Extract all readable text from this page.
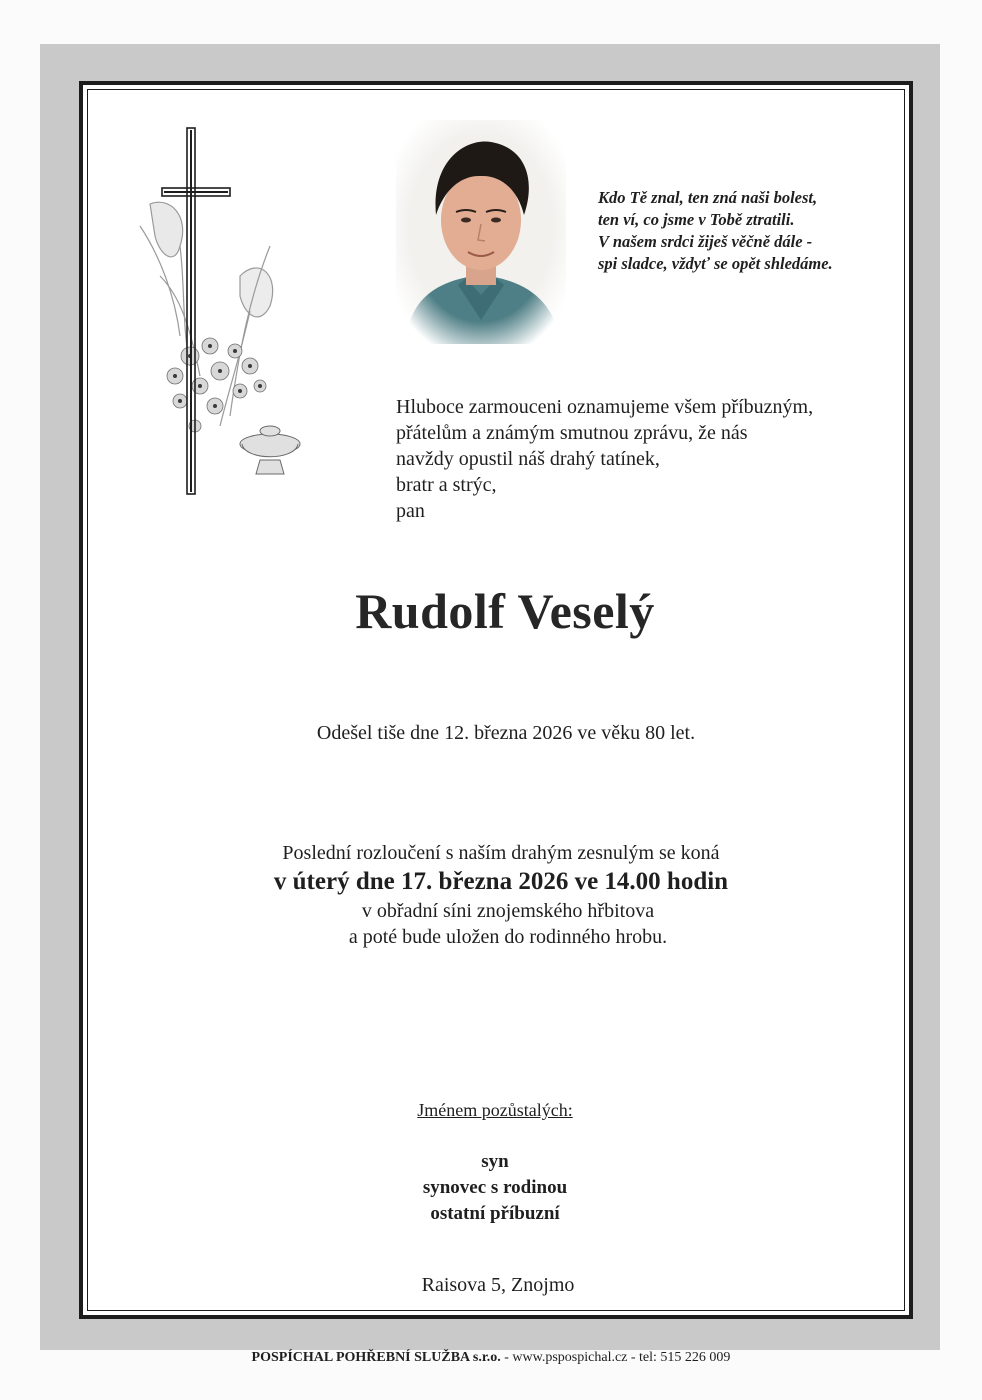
Kdo Tě znal, ten zná naši bolest,
ten ví, co jsme v Tobě ztratili.
V našem srdci žiješ věčně dále -
spi sladce, vždyť se opět shledáme.
Hluboce zarmouceni oznamujeme všem příbuzným,
přátelům a známým smutnou zprávu, že nás
navždy opustil náš drahý tatínek,
bratr a strýc,
pan
Rudolf Veselý
Odešel tiše dne 12. března 2026 ve věku 80 let.
Poslední rozloučení s naším drahým zesnulým se koná
v úterý dne 17. března 2026 ve 14.00 hodin
v obřadní síni znojemského hřbitova
a poté bude uložen do rodinného hrobu.
Jménem pozůstalých:
syn
synovec s rodinou
ostatní příbuzní
Raisova 5, Znojmo
POSPÍCHAL POHŘEBNÍ SLUŽBA s.r.o. - www.pspospichal.cz - tel: 515 226 009
